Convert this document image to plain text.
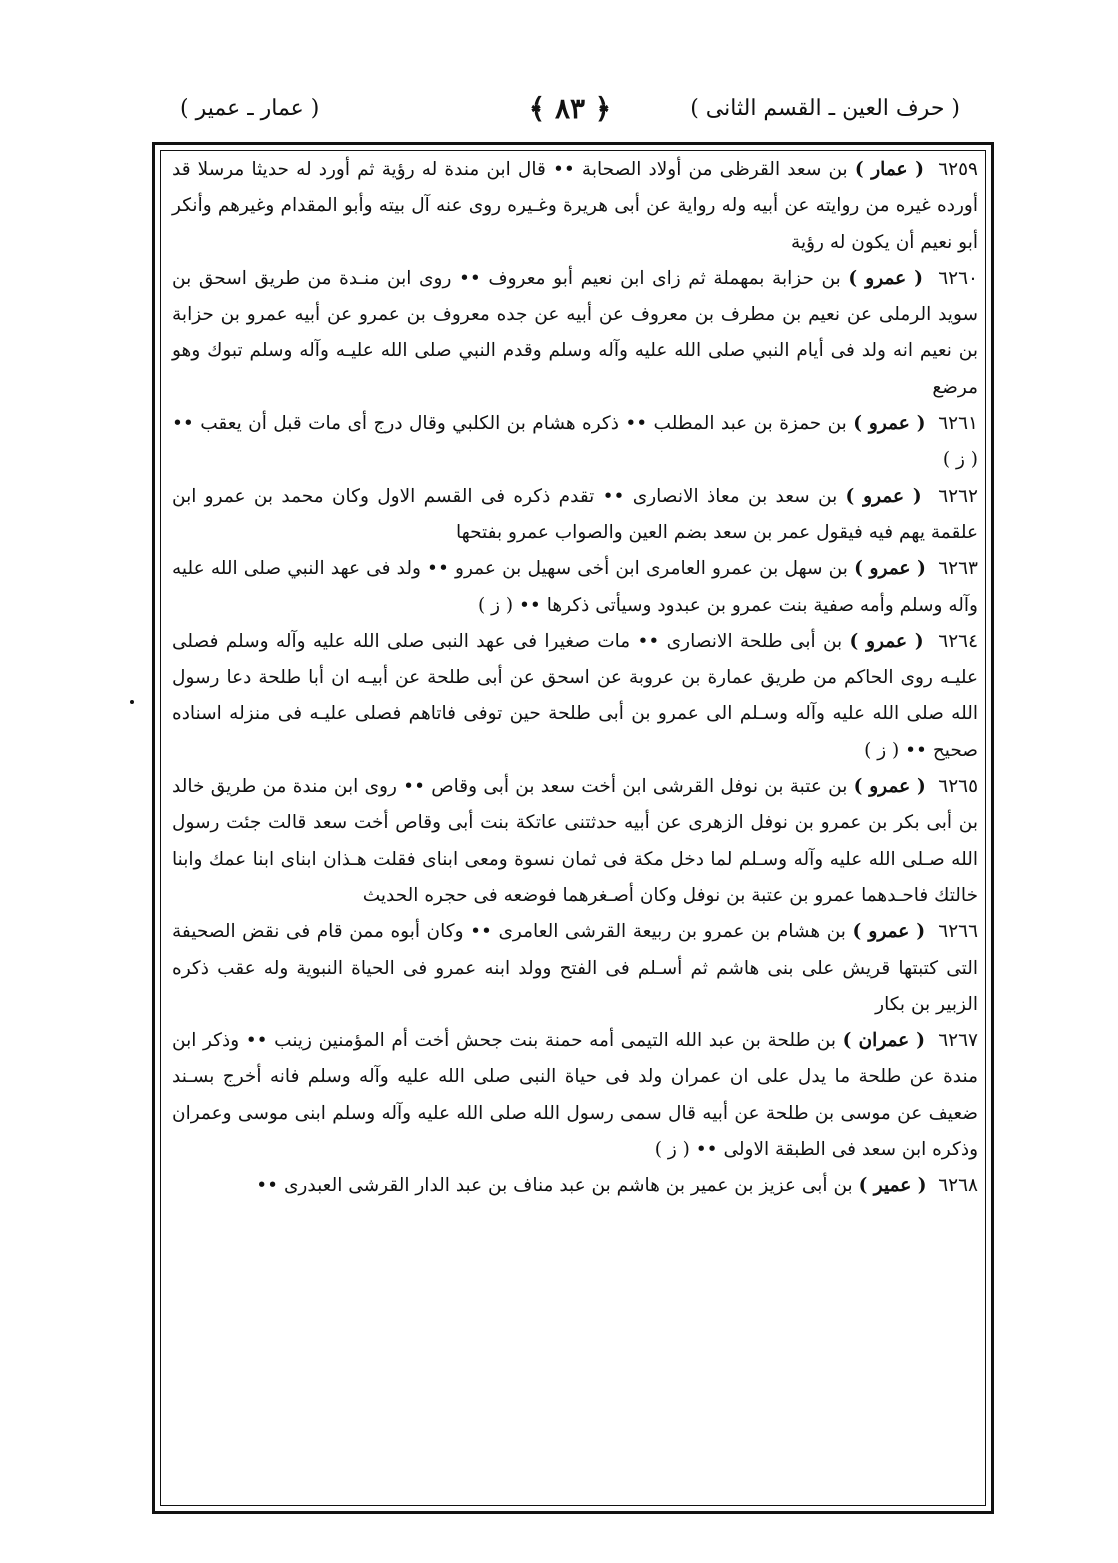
( حرف العين ـ القسم الثانى )
﴿ ٨٣ ﴾
( عمار ـ عمير )

٦٢٥٩  ( عمار ) بن سعد القرظى من أولاد الصحابة •• قال ابن مندة له رؤية ثم أورد له حديثا مرسلا قد أورده غيره من روايته عن أبيه وله رواية عن أبى هريرة وغـيره روى عنه آل بيته وأبو المقدام وغيرهم وأنكر أبو نعيم أن يكون له رؤية

٦٢٦٠  ( عمرو ) بن حزابة بمهملة ثم زاى ابن نعيم أبو معروف •• روى ابن منـدة من طريق اسحق بن سويد الرملى عن نعيم بن مطرف بن معروف عن أبيه عن جده معروف بن عمرو عن أبيه عمرو بن حزابة بن نعيم انه ولد فى أيام النبي صلى الله عليه وآله وسلم وقدم النبي صلى الله عليـه وآله وسلم تبوك وهو مرضع

٦٢٦١  ( عمرو ) بن حمزة بن عبد المطلب •• ذكره هشام بن الكلبي وقال درج أى مات قبل أن يعقب •• ( ز )

٦٢٦٢  ( عمرو ) بن سعد بن معاذ الانصارى •• تقدم ذكره فى القسم الاول وكان محمد بن عمرو ابن علقمة يهم فيه فيقول عمر بن سعد بضم العين والصواب عمرو بفتحها

٦٢٦٣  ( عمرو ) بن سهل بن عمرو العامرى ابن أخى سهيل بن عمرو •• ولد فى عهد النبي صلى الله عليه وآله وسلم وأمه صفية بنت عمرو بن عبدود وسيأتى ذكرها •• ( ز )

٦٢٦٤  ( عمرو ) بن أبى طلحة الانصارى •• مات صغيرا فى عهد النبى صلى الله عليه وآله وسلم فصلى عليـه روى الحاكم من طريق عمارة بن عروبة عن اسحق عن أبى طلحة عن أبيـه ان أبا طلحة دعا رسول الله صلى الله عليه وآله وسـلم الى عمرو بن أبى طلحة حين توفى فاتاهم فصلى عليـه فى منزله اسناده صحيح •• ( ز )

٦٢٦٥  ( عمرو ) بن عتبة بن نوفل القرشى ابن أخت سعد بن أبى وقاص •• روى ابن مندة من طريق خالد بن أبى بكر بن عمرو بن نوفل الزهرى عن أبيه حدثتنى عاتكة بنت أبى وقاص أخت سعد قالت جئت رسول الله صـلى الله عليه وآله وسـلم لما دخل مكة فى ثمان نسوة ومعى ابناى فقلت هـذان ابناى ابنا عمك وابنا خالتك فاحـدهما عمرو بن عتبة بن نوفل وكان أصـغرهما فوضعه فى حجره الحديث

٦٢٦٦  ( عمرو ) بن هشام بن عمرو بن ربيعة القرشى العامرى •• وكان أبوه ممن قام فى نقض الصحيفة التى كتبتها قريش على بنى هاشم ثم أسـلم فى الفتح وولد ابنه عمرو فى الحياة النبوية وله عقب ذكره الزبير بن بكار

٦٢٦٧  ( عمران ) بن طلحة بن عبد الله التيمى أمه حمنة بنت جحش أخت أم المؤمنين زينب •• وذكر ابن مندة عن طلحة ما يدل على ان عمران ولد فى حياة النبى صلى الله عليه وآله وسلم فانه أخرج بسـند ضعيف عن موسى بن طلحة عن أبيه قال سمى رسول الله صلى الله عليه وآله وسلم ابنى موسى وعمران وذكره ابن سعد فى الطبقة الاولى •• ( ز )

٦٢٦٨  ( عمير ) بن أبى عزيز بن عمير بن هاشم بن عبد مناف بن عبد الدار القرشى العبدرى ••
